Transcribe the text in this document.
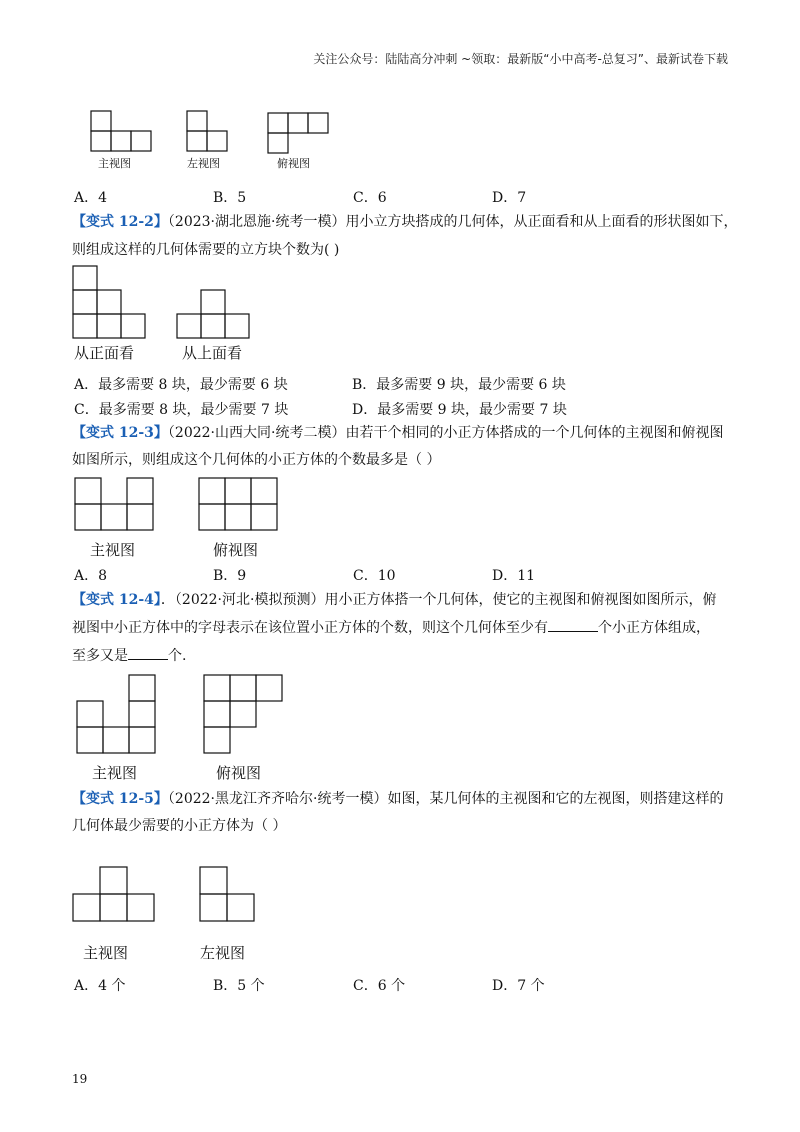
关注公众号：陆陆高分冲刺 ~领取：最新版“小中高考-总复习”、最新试卷下载
主视图	左视图	俯视图
A．4	B．5	C．6	D．7
【变式 12-2】（2023·湖北恩施·统考一模）用小立方块搭成的几何体，从正面看和从上面看的形状图如下，
则组成这样的几何体需要的立方块个数为( )
从正面看	从上面看
A．最多需要 8 块，最少需要 6 块	B．最多需要 9 块，最少需要 6 块
C．最多需要 8 块，最少需要 7 块	D．最多需要 9 块，最少需要 7 块
【变式 12-3】（2022·山西大同·统考二模）由若干个相同的小正方体搭成的一个几何体的主视图和俯视图
如图所示，则组成这个几何体的小正方体的个数最多是（ ）
主视图	俯视图
A．8	B．9	C．10	D．11
【变式 12-4】．（2022·河北·模拟预测）用小正方体搭一个几何体，使它的主视图和俯视图如图所示，俯
视图中小正方体中的字母表示在该位置小正方体的个数，则这个几何体至少有	个小正方体组成，
至多又是	个.
主视图	俯视图
【变式 12-5】（2022·黑龙江齐齐哈尔·统考一模）如图，某几何体的主视图和它的左视图，则搭建这样的
几何体最少需要的小正方体为（ ）
主视图	左视图
A．4 个	B．5 个	C．6 个	D．7 个
19
